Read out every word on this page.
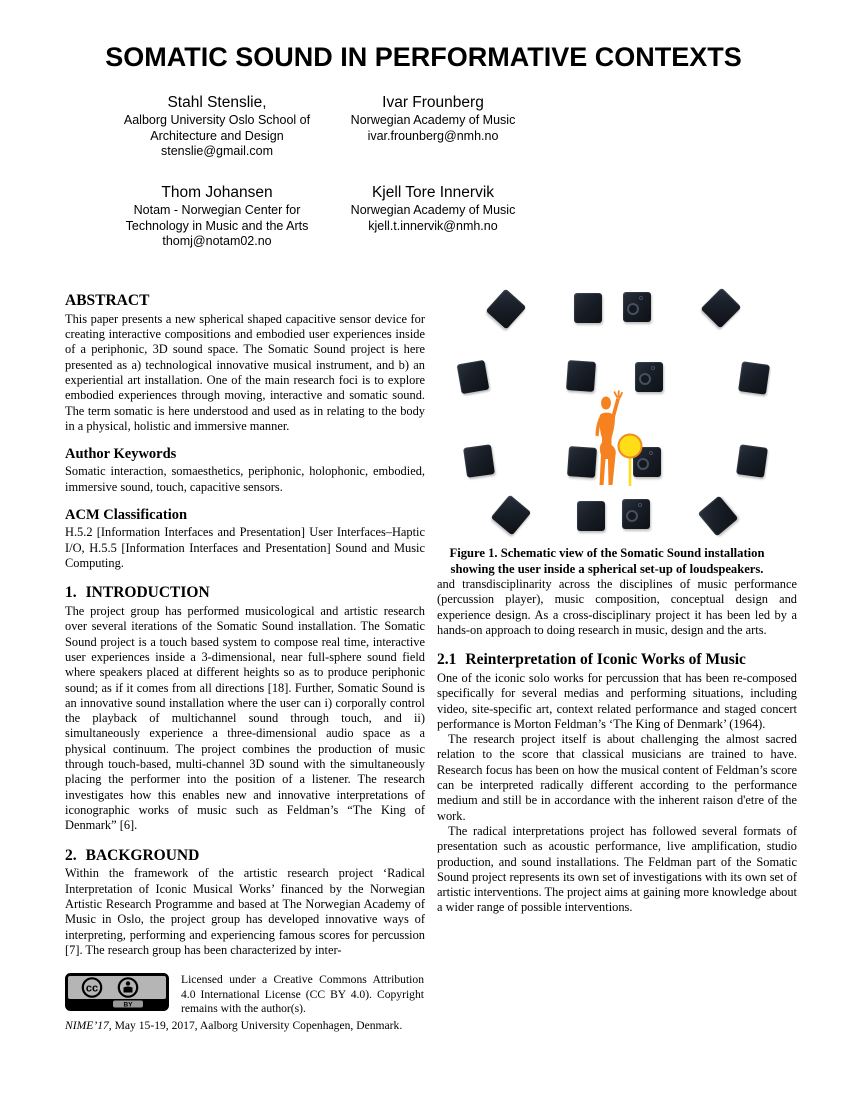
SOMATIC SOUND IN PERFORMATIVE CONTEXTS
Stahl Stenslie,
Aalborg University Oslo School of Architecture and Design
stenslie@gmail.com
Ivar Frounberg
Norwegian Academy of Music
ivar.frounberg@nmh.no
Thom Johansen
Notam - Norwegian Center for Technology in Music and the Arts
thomj@notam02.no
Kjell Tore Innervik
Norwegian Academy of Music
kjell.t.innervik@nmh.no
ABSTRACT

This paper presents a new spherical shaped capacitive sensor device for creating interactive compositions and embodied user experiences inside of a periphonic, 3D sound space. The Somatic Sound project is here presented as a) technological innovative musical instrument, and b) an experiential art installation. One of the main research foci is to explore embodied experiences through moving, interactive and somatic sound. The term somatic is here understood and used as in relating to the body in a physical, holistic and immersive manner.

Author Keywords

Somatic interaction, somaesthetics, periphonic, holophonic, embodied, immersive sound, touch, capacitive sensors.

ACM Classification

H.5.2 [Information Interfaces and Presentation] User Interfaces–Haptic I/O, H.5.5 [Information Interfaces and Presentation] Sound and Music Computing.

1. INTRODUCTION

The project group has performed musicological and artistic research over several iterations of the Somatic Sound installation. The Somatic Sound project is a touch based system to compose real time, interactive user experiences inside a 3-dimensional, near full-sphere sound field where speakers placed at different heights so as to produce periphonic sound; as if it comes from all directions [18]. Further, Somatic Sound is an innovative sound installation where the user can i) corporally control the playback of multichannel sound through touch, and ii) simultaneously experience a three-dimensional audio space as a physical continuum. The project combines the production of music through touch-based, multi-channel 3D sound with the simultaneously placing the performer into the position of a listener. The research investigates how this enables new and innovative interpretations of iconographic works of music such as Feldman’s “The King of Denmark” [6].

2. BACKGROUND

Within the framework of the artistic research project ‘Radical Interpretation of Iconic Musical Works’ financed by the Norwegian Artistic Research Programme and based at The Norwegian Academy of Music in Oslo, the project group has developed innovative ways of interpreting, performing and experiencing famous scores for percussion [7]. The research group has been characterized by inter-

cc
BY
Licensed under a Creative Commons Attribution 4.0 International License (CC BY 4.0). Copyright remains with the author(s).
NIME’17, May 15-19, 2017, Aalborg University Copenhagen, Denmark.

Figure 1. Schematic view of the Somatic Sound installation showing the user inside a spherical set-up of loudspeakers.

and transdisciplinarity across the disciplines of music performance (percussion player), music composition, conceptual design and experience design. As a cross-disciplinary project it has been led by a hands-on approach to doing research in music, design and the arts.

2.1 Reinterpretation of Iconic Works of Music

One of the iconic solo works for percussion that has been re-composed specifically for several medias and performing situations, including video, site-specific art, context related performance and staged concert performance is Morton Feldman’s ‘The King of Denmark’ (1964).

The research project itself is about challenging the almost sacred relation to the score that classical musicians are trained to have. Research focus has been on how the musical content of Feldman’s score can be interpreted radically different according to the performance medium and still be in accordance with the inherent raison d'etre of the work.

The radical interpretations project has followed several formats of presentation such as acoustic performance, live amplification, studio production, and sound installations. The Feldman part of the Somatic Sound project represents its own set of investigations with its own set of artistic interventions. The project aims at gaining more knowledge about a wider range of possible interventions.
